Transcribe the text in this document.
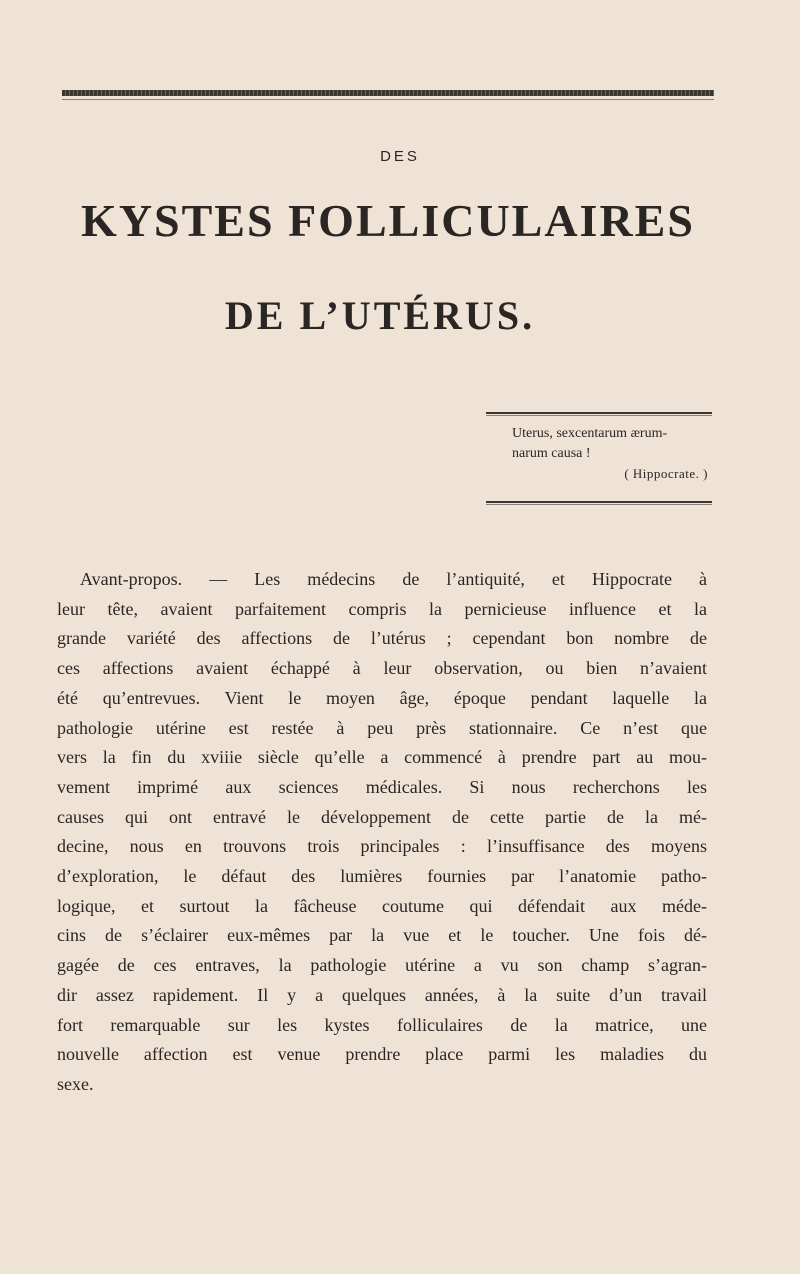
DES
KYSTES FOLLICULAIRES
DE L’UTÉRUS.
Uterus, sexcentarum ærum-
narum causa !
( Hippocrate. )
Avant-propos. — Les médecins de l’antiquité, et Hippocrate à
leur tête, avaient parfaitement compris la pernicieuse influence et la
grande variété des affections de l’utérus ; cependant bon nombre de
ces affections avaient échappé à leur observation, ou bien n’avaient
été qu’entrevues. Vient le moyen âge, époque pendant laquelle la
pathologie utérine est restée à peu près stationnaire. Ce n’est que
vers la fin du xviiie siècle qu’elle a commencé à prendre part au mou-
vement imprimé aux sciences médicales. Si nous recherchons les
causes qui ont entravé le développement de cette partie de la mé-
decine, nous en trouvons trois principales : l’insuffisance des moyens
d’exploration, le défaut des lumières fournies par l’anatomie patho-
logique, et surtout la fâcheuse coutume qui défendait aux méde-
cins de s’éclairer eux-mêmes par la vue et le toucher. Une fois dé-
gagée de ces entraves, la pathologie utérine a vu son champ s’agran-
dir assez rapidement. Il y a quelques années, à la suite d’un travail
fort remarquable sur les kystes folliculaires de la matrice, une
nouvelle affection est venue prendre place parmi les maladies du
sexe.
